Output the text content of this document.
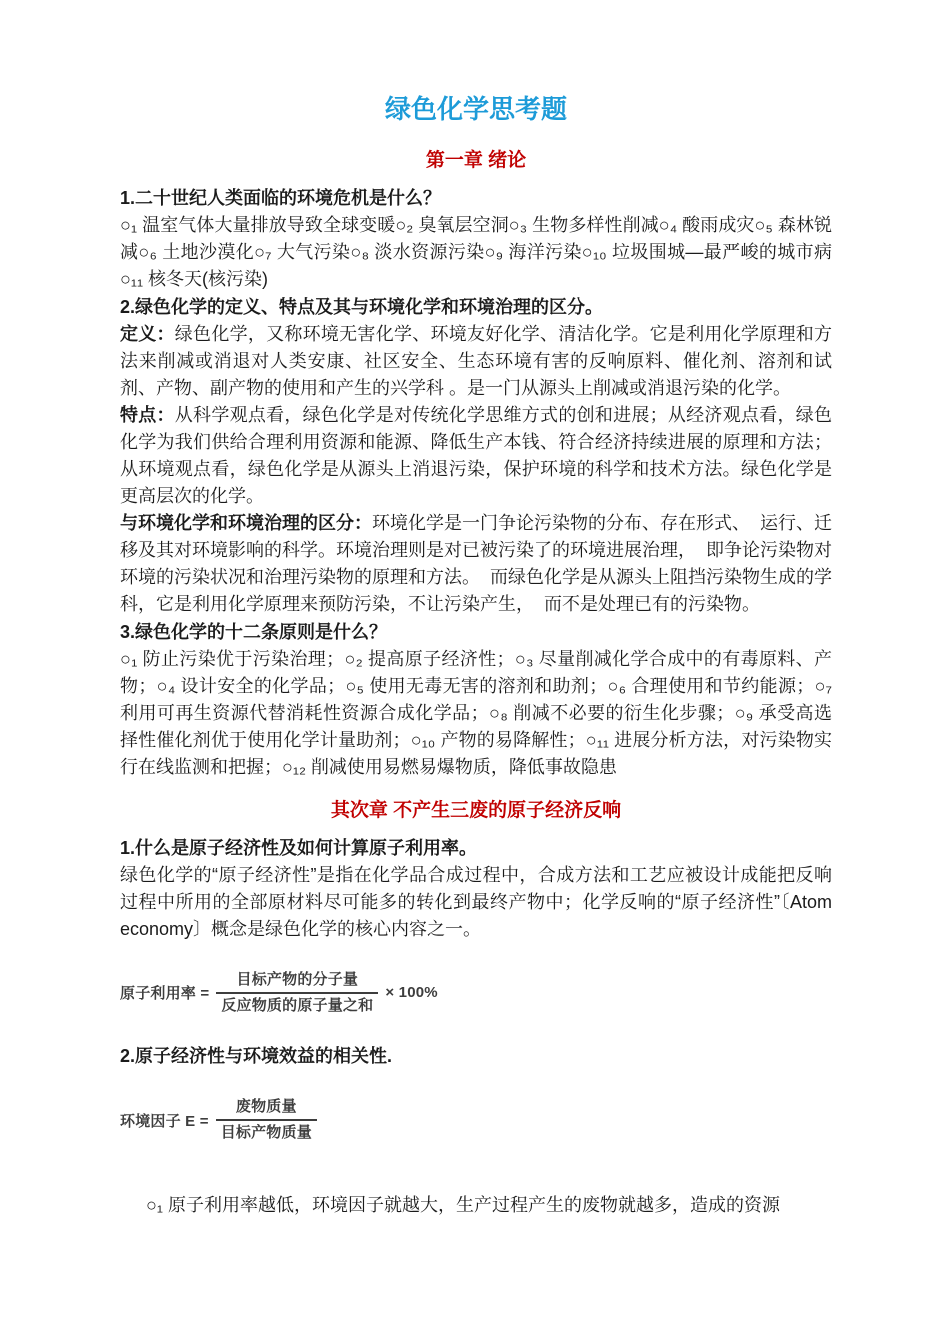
绿色化学思考题
第一章 绪论

1.二十世纪人类面临的环境危机是什么？

○₁ 温室气体大量排放导致全球变暖○₂ 臭氧层空洞○₃ 生物多样性削减○₄ 酸雨成灾○₅ 森林锐减○₆ 土地沙漠化○₇ 大气污染○₈ 淡水资源污染○₉ 海洋污染○₁₀ 垃圾围城—最严峻的城市病  ○₁₁ 核冬天(核污染)

2.绿色化学的定义、特点及其与环境化学和环境治理的区分。

定义：绿色化学，又称环境无害化学、环境友好化学、清洁化学。它是利用化学原理和方法来削减或消退对人类安康、社区安全、生态环境有害的反响原料、催化剂、溶剂和试剂、产物、副产物的使用和产生的兴学科 。是一门从源头上削减或消退污染的化学。

特点：从科学观点看，绿色化学是对传统化学思维方式的创和进展；从经济观点看，绿色化学为我们供给合理利用资源和能源、降低生产本钱、符合经济持续进展的原理和方法；        从环境观点看，绿色化学是从源头上消退污染，保护环境的科学和技术方法。绿色化学是更高层次的化学。

与环境化学和环境治理的区分：环境化学是一门争论污染物的分布、存在形式、  运行、迁移及其对环境影响的科学。环境治理则是对已被污染了的环境进展治理，  即争论污染物对环境的污染状况和治理污染物的原理和方法。  而绿色化学是从源头上阻挡污染物生成的学科，它是利用化学原理来预防污染，不让污染产生，  而不是处理已有的污染物。

3.绿色化学的十二条原则是什么？

○₁ 防止污染优于污染治理；○₂ 提高原子经济性；○₃ 尽量削减化学合成中的有毒原料、产物；○₄ 设计安全的化学品；○₅ 使用无毒无害的溶剂和助剂；○₆ 合理使用和节约能源；○₇ 利用可再生资源代替消耗性资源合成化学品；○₈ 削减不必要的衍生化步骤；○₉ 承受高选择性催化剂优于使用化学计量助剂；○₁₀ 产物的易降解性；○₁₁ 进展分析方法，对污染物实行在线监测和把握；○₁₂ 削减使用易燃易爆物质，降低事故隐患

其次章 不产生三废的原子经济反响

1.什么是原子经济性及如何计算原子利用率。

绿色化学的“原子经济性”是指在化学品合成过程中，合成方法和工艺应被设计成能把反响过程中所用的全部原材料尽可能多的转化到最终产物中；化学反响的“原子经济性”〔Atom economy〕概念是绿色化学的核心内容之一。

原子利用率 = $\frac{\text{目标产物的分子量}}{\text{反应物质的原子量之和}} \times 100\%$

2.原子经济性与环境效益的相关性.

环境因子 $E = \frac{\text{废物质量}}{\text{目标产物质量}}$

○₁ 原子利用率越低，环境因子就越大，生产过程产生的废物就越多，造成的资源
